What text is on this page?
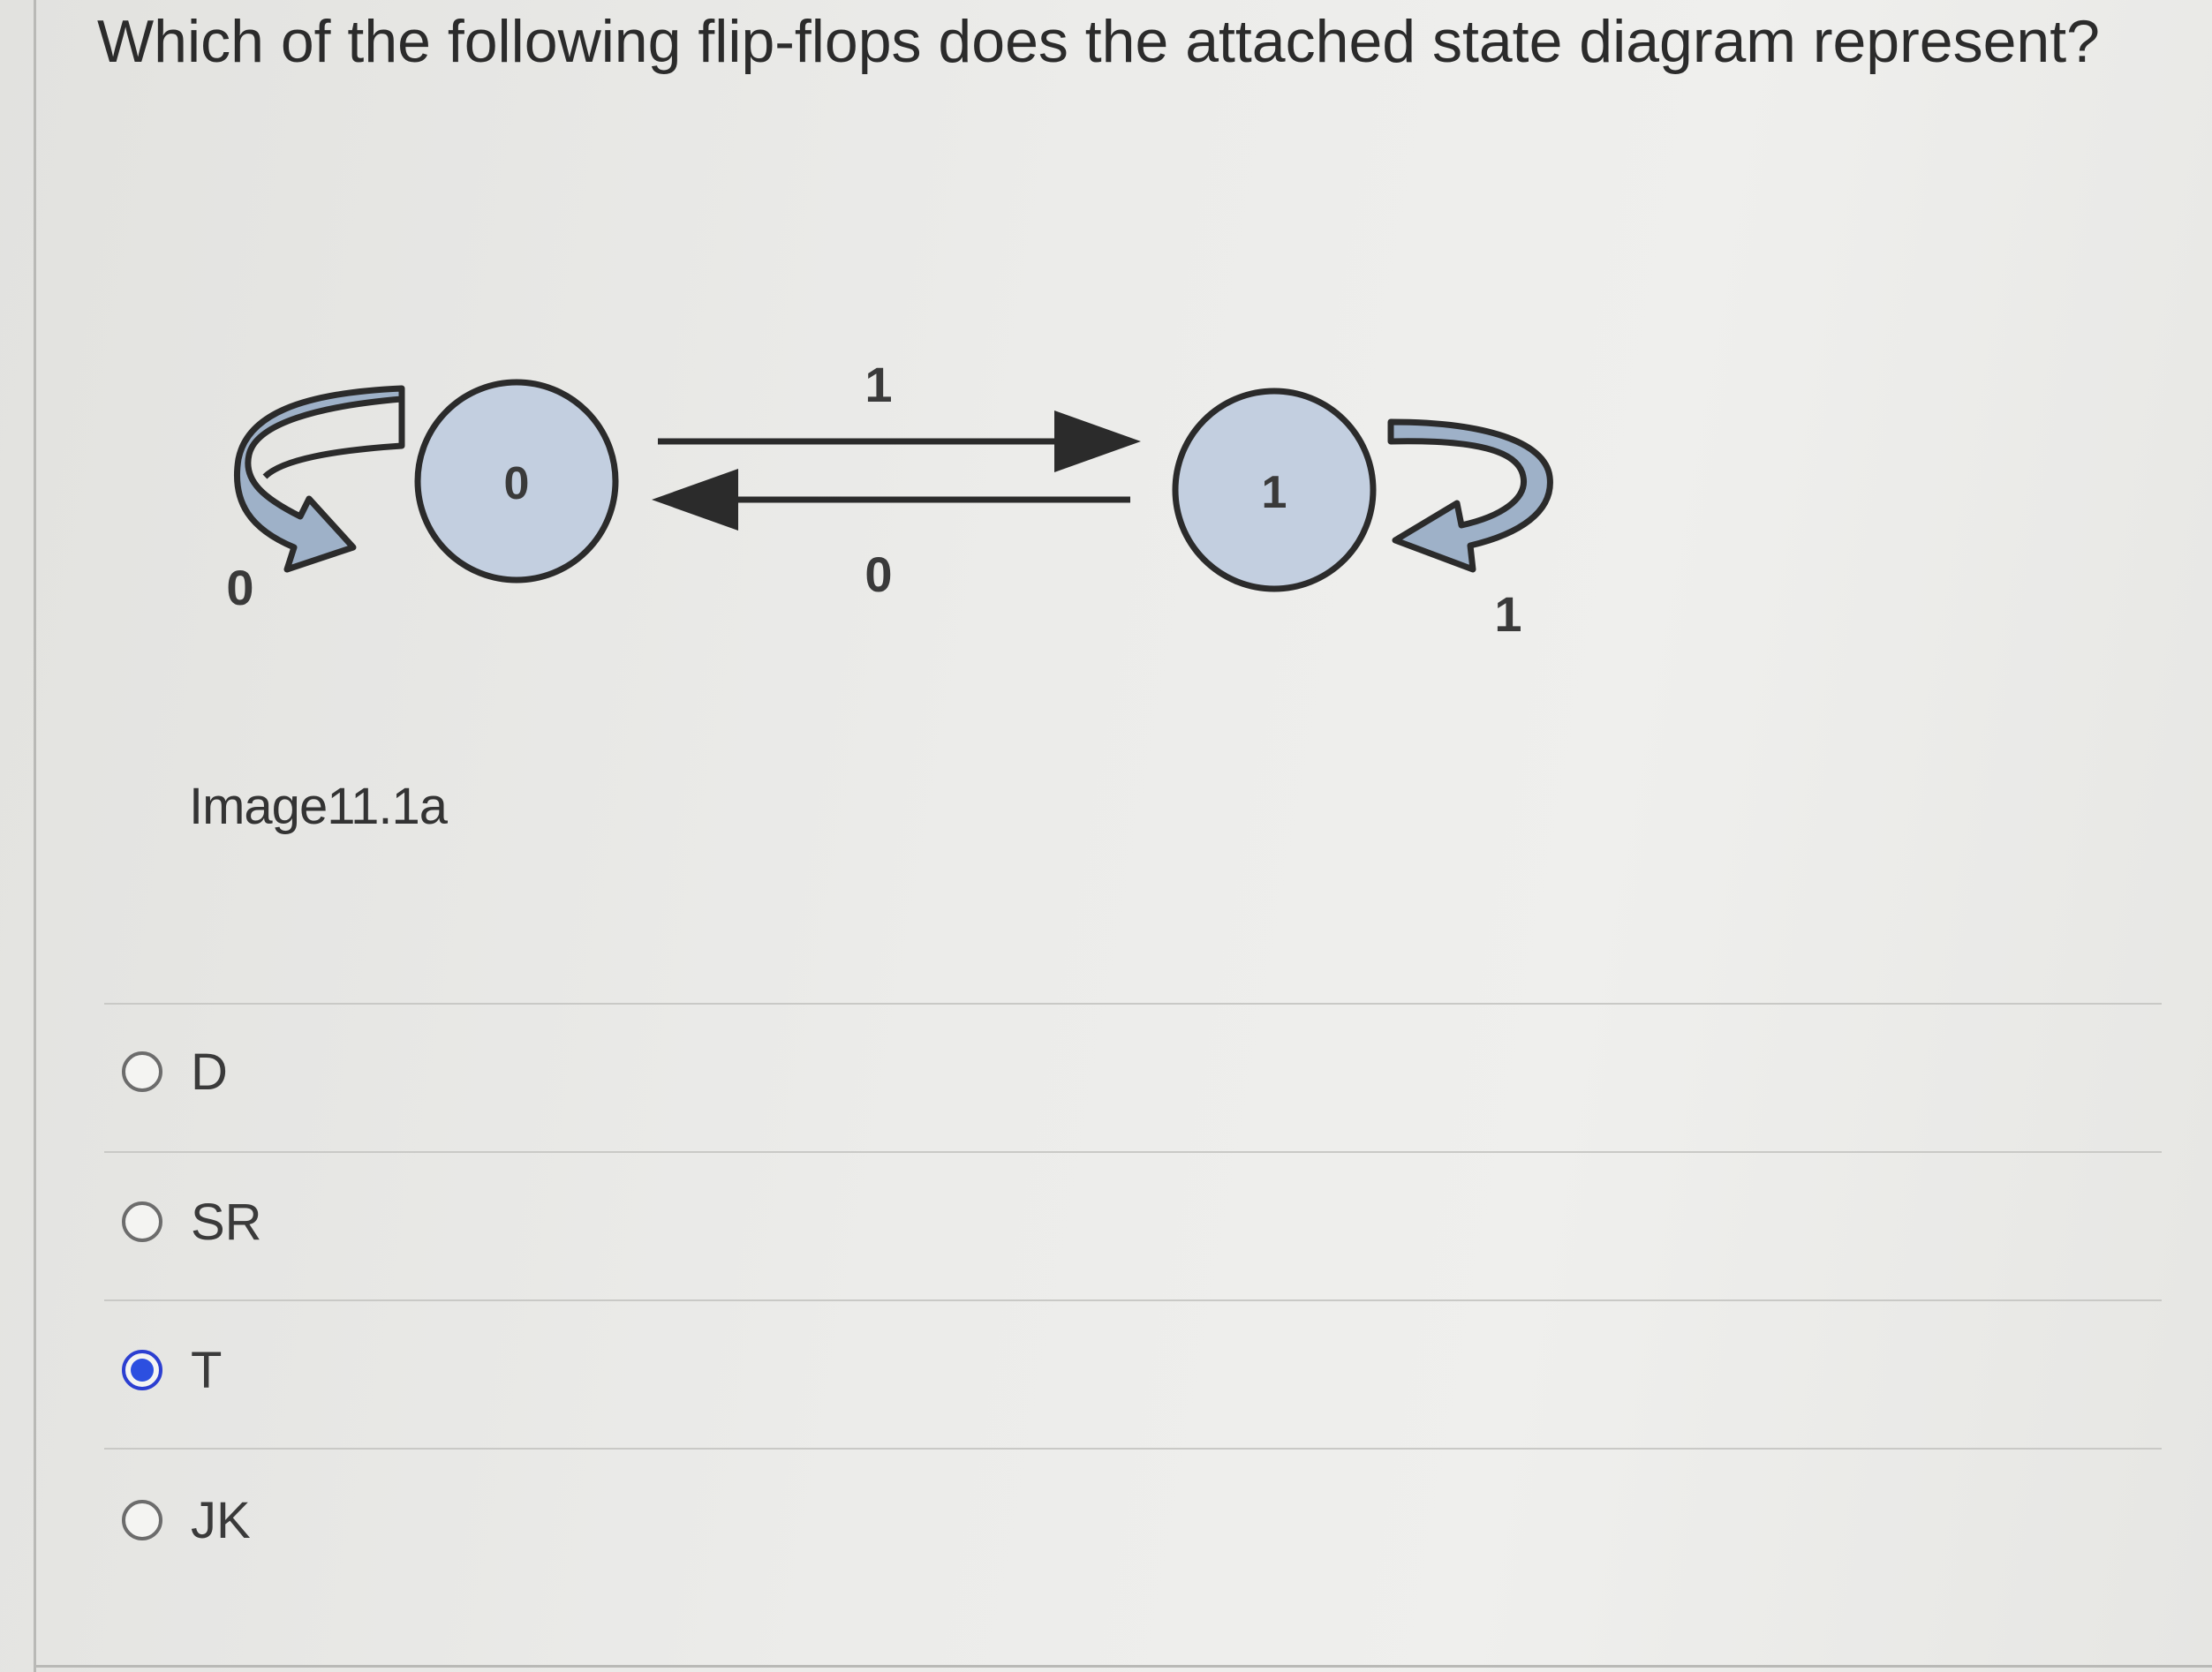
Which of the following flip-flops does the attached state diagram represent?
0
0
1
0
1
1
Image11.1a
D
SR
T
JK
